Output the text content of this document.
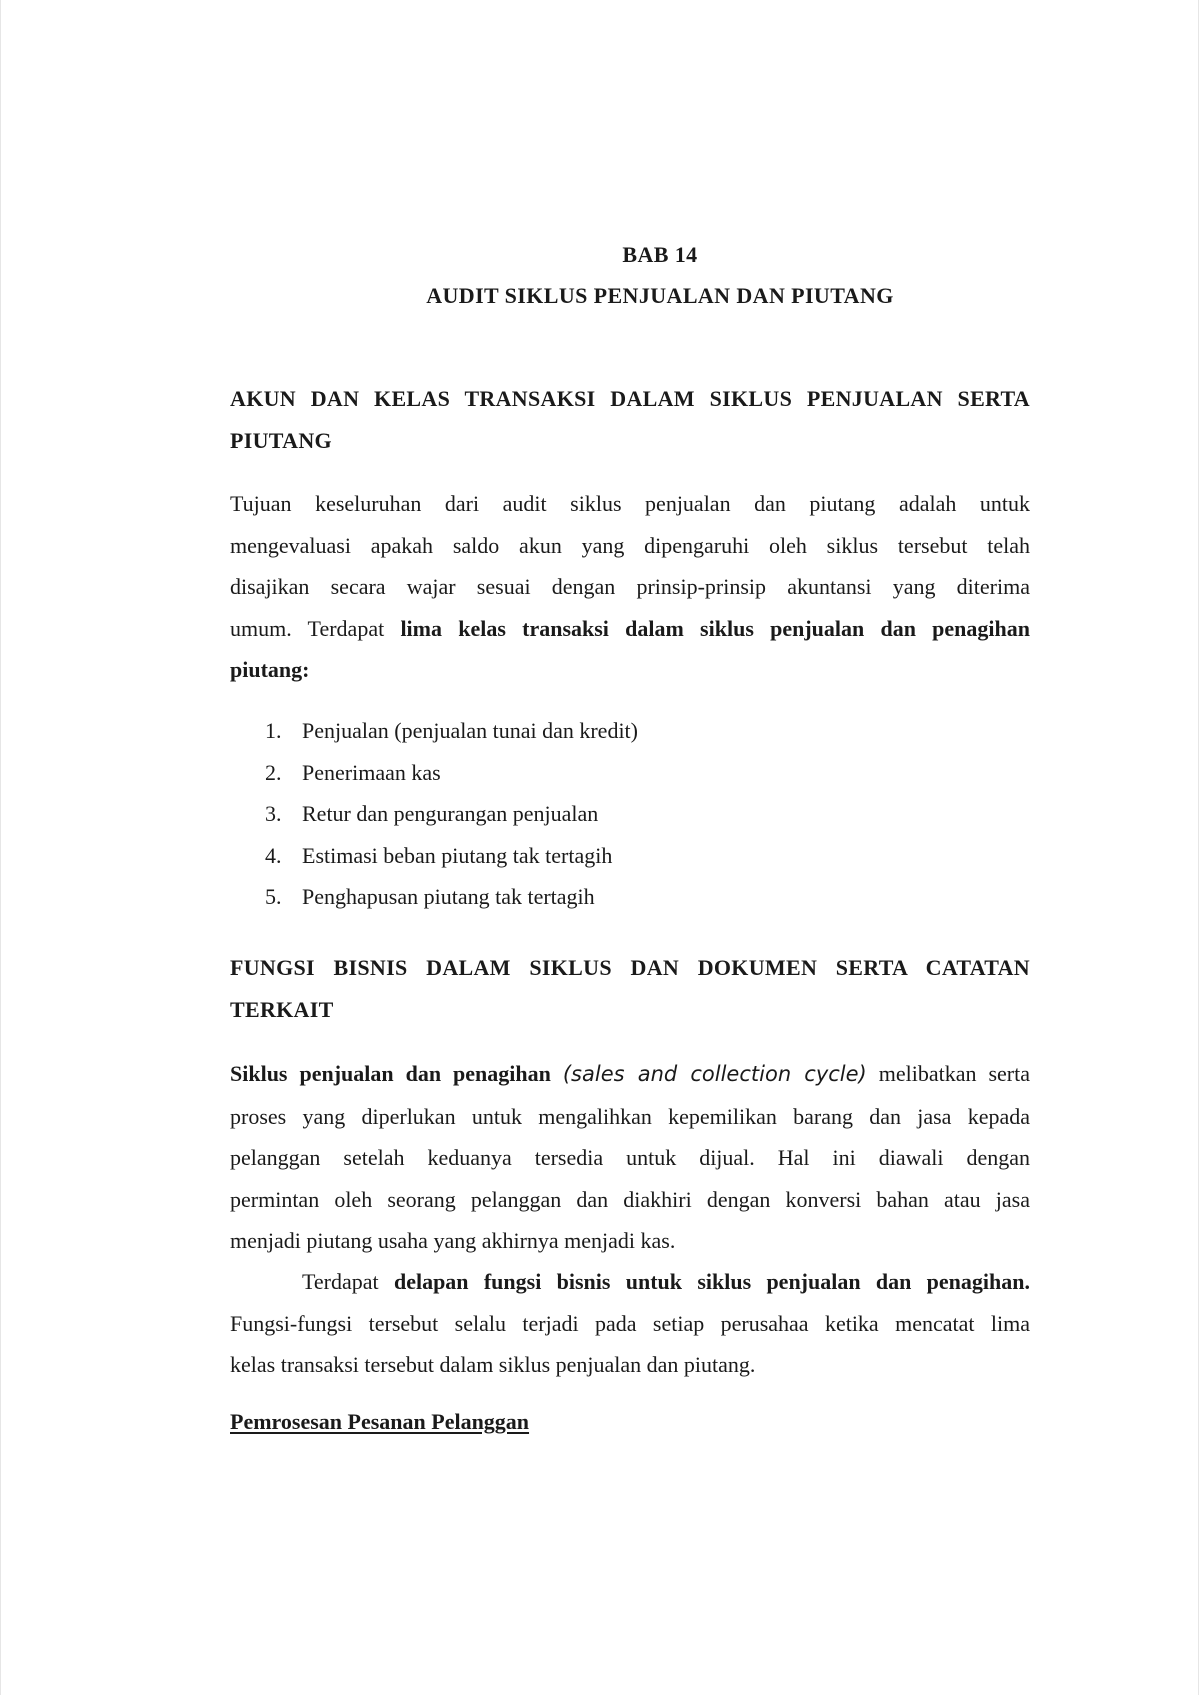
BAB 14
AUDIT SIKLUS PENJUALAN DAN PIUTANG
AKUN DAN KELAS TRANSAKSI DALAM SIKLUS PENJUALAN SERTA
PIUTANG

Tujuan keseluruhan dari audit siklus penjualan dan piutang adalah untuk
mengevaluasi apakah saldo akun yang dipengaruhi oleh siklus tersebut telah
disajikan secara wajar sesuai dengan prinsip-prinsip akuntansi yang diterima
umum. Terdapat lima kelas transaksi dalam siklus penjualan dan penagihan
piutang:

1. Penjualan (penjualan tunai dan kredit)
2. Penerimaan kas
3. Retur dan pengurangan penjualan
4. Estimasi beban piutang tak tertagih
5. Penghapusan piutang tak tertagih
FUNGSI BISNIS DALAM SIKLUS DAN DOKUMEN SERTA CATATAN
TERKAIT

Siklus penjualan dan penagihan (sales and collection cycle) melibatkan serta
proses yang diperlukan untuk mengalihkan kepemilikan barang dan jasa kepada
pelanggan setelah keduanya tersedia untuk dijual. Hal ini diawali dengan
permintan oleh seorang pelanggan dan diakhiri dengan konversi bahan atau jasa
menjadi piutang usaha yang akhirnya menjadi kas.

Terdapat delapan fungsi bisnis untuk siklus penjualan dan penagihan.
Fungsi-fungsi tersebut selalu terjadi pada setiap perusahaa ketika mencatat lima
kelas transaksi tersebut dalam siklus penjualan dan piutang.

Pemrosesan Pesanan Pelanggan
